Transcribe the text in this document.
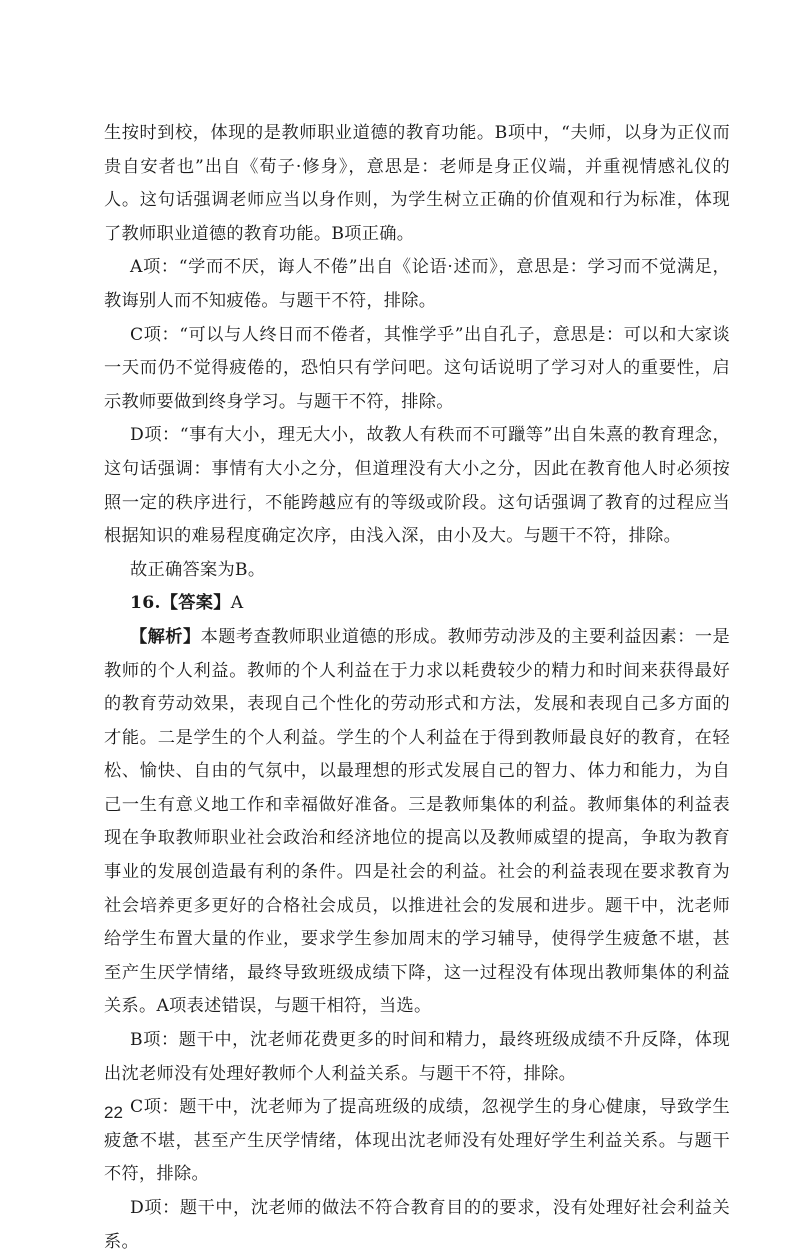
生按时到校，体现的是教师职业道德的教育功能。B项中，“夫师，以身为正仪而贵自安者也”出自《荀子·修身》，意思是：老师是身正仪端，并重视情感礼仪的人。这句话强调老师应当以身作则，为学生树立正确的价值观和行为标准，体现了教师职业道德的教育功能。B项正确。

A项：“学而不厌，诲人不倦”出自《论语·述而》，意思是：学习而不觉满足，教诲别人而不知疲倦。与题干不符，排除。

C项：“可以与人终日而不倦者，其惟学乎”出自孔子，意思是：可以和大家谈一天而仍不觉得疲倦的，恐怕只有学问吧。这句话说明了学习对人的重要性，启示教师要做到终身学习。与题干不符，排除。

D项：“事有大小，理无大小，故教人有秩而不可躐等”出自朱熹的教育理念，这句话强调：事情有大小之分，但道理没有大小之分，因此在教育他人时必须按照一定的秩序进行，不能跨越应有的等级或阶段。这句话强调了教育的过程应当根据知识的难易程度确定次序，由浅入深，由小及大。与题干不符，排除。

故正确答案为B。

16.【答案】A

【解析】本题考查教师职业道德的形成。教师劳动涉及的主要利益因素：一是教师的个人利益。教师的个人利益在于力求以耗费较少的精力和时间来获得最好的教育劳动效果，表现自己个性化的劳动形式和方法，发展和表现自己多方面的才能。二是学生的个人利益。学生的个人利益在于得到教师最良好的教育，在轻松、愉快、自由的气氛中，以最理想的形式发展自己的智力、体力和能力，为自己一生有意义地工作和幸福做好准备。三是教师集体的利益。教师集体的利益表现在争取教师职业社会政治和经济地位的提高以及教师威望的提高，争取为教育事业的发展创造最有利的条件。四是社会的利益。社会的利益表现在要求教育为社会培养更多更好的合格社会成员，以推进社会的发展和进步。题干中，沈老师给学生布置大量的作业，要求学生参加周末的学习辅导，使得学生疲惫不堪，甚至产生厌学情绪，最终导致班级成绩下降，这一过程没有体现出教师集体的利益关系。A项表述错误，与题干相符，当选。

B项：题干中，沈老师花费更多的时间和精力，最终班级成绩不升反降，体现出沈老师没有处理好教师个人利益关系。与题干不符，排除。

C项：题干中，沈老师为了提高班级的成绩，忽视学生的身心健康，导致学生疲惫不堪，甚至产生厌学情绪，体现出沈老师没有处理好学生利益关系。与题干不符，排除。

D项：题干中，沈老师的做法不符合教育目的的要求，没有处理好社会利益关系。

22
